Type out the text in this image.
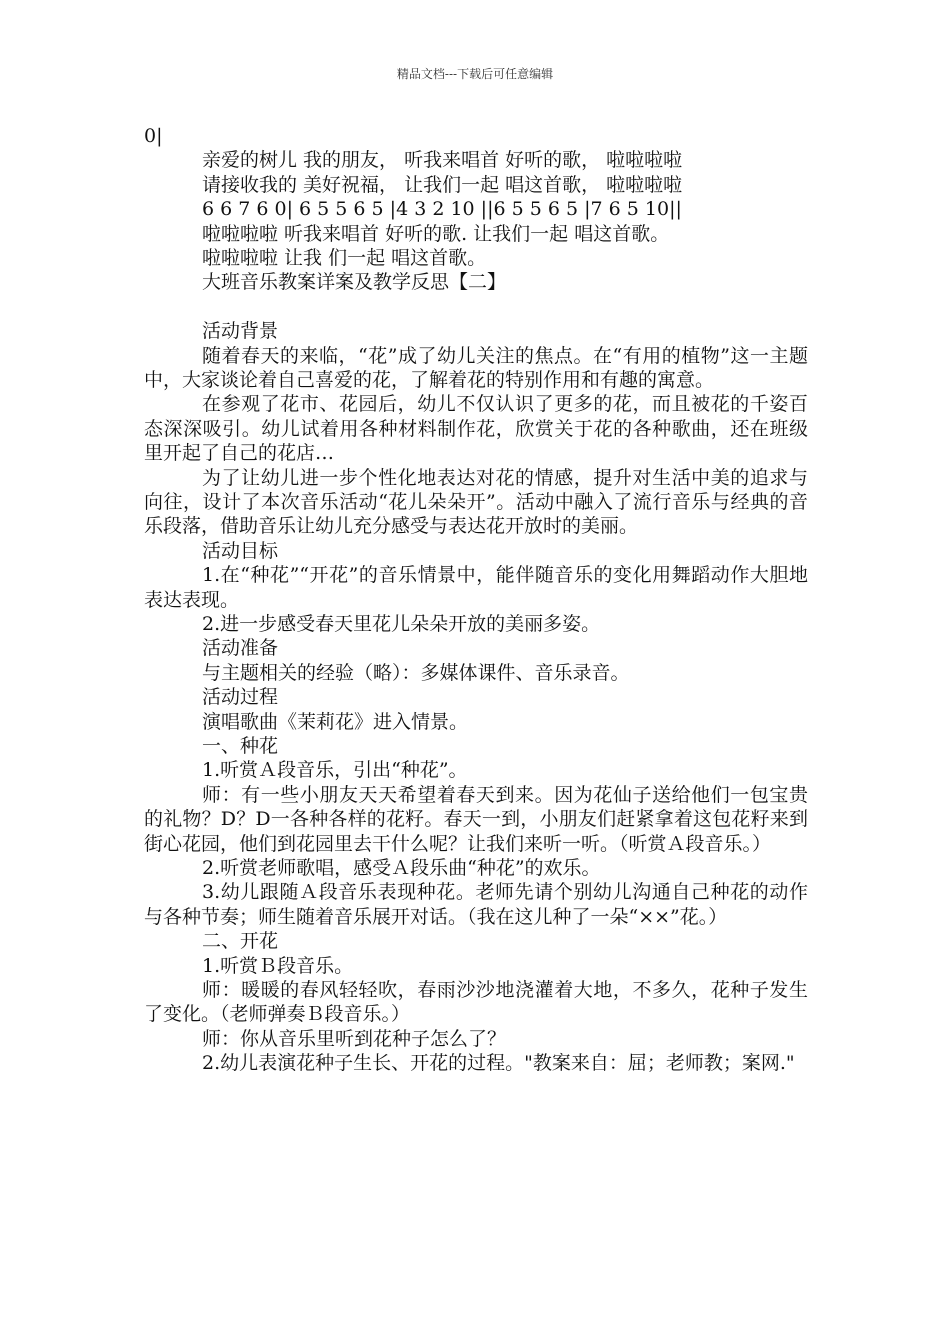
精品文档---下载后可任意编辑
0|
亲爱的树儿 我的朋友， 听我来唱首 好听的歌， 啦啦啦啦
请接收我的 美好祝福， 让我们一起 唱这首歌， 啦啦啦啦
6 6 7 6 0| 6 5 5 6 5 |4 3 2 10 ||6 5 5 6 5 |7 6 5 10||
啦啦啦啦 听我来唱首 好听的歌. 让我们一起 唱这首歌。
啦啦啦啦 让我 们一起 唱这首歌。
大班音乐教案详案及教学反思【二】
活动背景

随着春天的来临，“花”成了幼儿关注的焦点。在“有用的植物”这一主题中，大家谈论着自己喜爱的花，了解着花的特别作用和有趣的寓意。

在参观了花市、花园后，幼儿不仅认识了更多的花，而且被花的千姿百态深深吸引。幼儿试着用各种材料制作花，欣赏关于花的各种歌曲，还在班级里开起了自己的花店…

为了让幼儿进一步个性化地表达对花的情感，提升对生活中美的追求与向往，设计了本次音乐活动“花儿朵朵开”。活动中融入了流行音乐与经典的音乐段落，借助音乐让幼儿充分感受与表达花开放时的美丽。

活动目标

1.在“种花”“开花”的音乐情景中，能伴随音乐的变化用舞蹈动作大胆地表达表现。

2.进一步感受春天里花儿朵朵开放的美丽多姿。

活动准备

与主题相关的经验（略）：多媒体课件、音乐录音。

活动过程

演唱歌曲《茉莉花》进入情景。

一、种花

1.听赏Ａ段音乐，引出“种花”。

师：有一些小朋友天天希望着春天到来。因为花仙子送给他们一包宝贵的礼物？D？D一各种各样的花籽。春天一到，小朋友们赶紧拿着这包花籽来到街心花园，他们到花园里去干什么呢？让我们来听一听。（听赏Ａ段音乐。）

2.听赏老师歌唱，感受Ａ段乐曲“种花”的欢乐。

3.幼儿跟随Ａ段音乐表现种花。老师先请个别幼儿沟通自己种花的动作与各种节奏；师生随着音乐展开对话。（我在这儿种了一朵“××”花。）

二、开花

1.听赏Ｂ段音乐。

师：暖暖的春风轻轻吹，春雨沙沙地浇灌着大地，不多久，花种子发生了变化。（老师弹奏Ｂ段音乐。）

师：你从音乐里听到花种子怎么了？

2.幼儿表演花种子生长、开花的过程。"教案来自：屈；老师教；案网."
